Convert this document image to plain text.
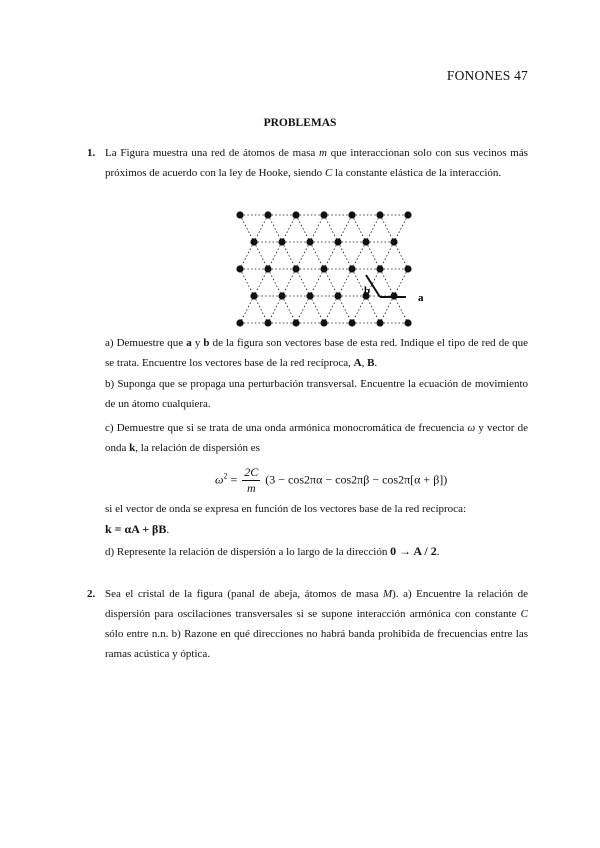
FONONES 47
PROBLEMAS
1. La Figura muestra una red de átomos de masa m que interaccionan solo con sus vecinos más próximos de acuerdo con la ley de Hooke, siendo C la constante elástica de la interacción.

a
b

a) Demuestre que a y b de la figura son vectores base de esta red. Indique el tipo de red de que se trata. Encuentre los vectores base de la red recíproca, A, B.

b) Suponga que se propaga una perturbación transversal. Encuentre la ecuación de movimiento de un átomo cualquiera.

c) Demuestre que si se trata de una onda armónica monocromática de frecuencia ω y vector de onda k, la relación de dispersión es

$\omega^2 = \frac{2C}{m} (3 - \cos 2\pi\alpha - \cos 2\pi\beta - \cos 2\pi[\alpha + \beta])$

si el vector de onda se expresa en función de los vectores base de la red recíproca:
k = αA + βB.

d) Represente la relación de dispersión a lo largo de la dirección 0 → A / 2.

2. Sea el cristal de la figura (panal de abeja, átomos de masa M). a) Encuentre la relación de dispersión para oscilaciones transversales si se supone interacción armónica con constante C sólo entre n.n. b) Razone en qué direcciones no habrá banda prohibida de frecuencias entre las ramas acústica y óptica.
